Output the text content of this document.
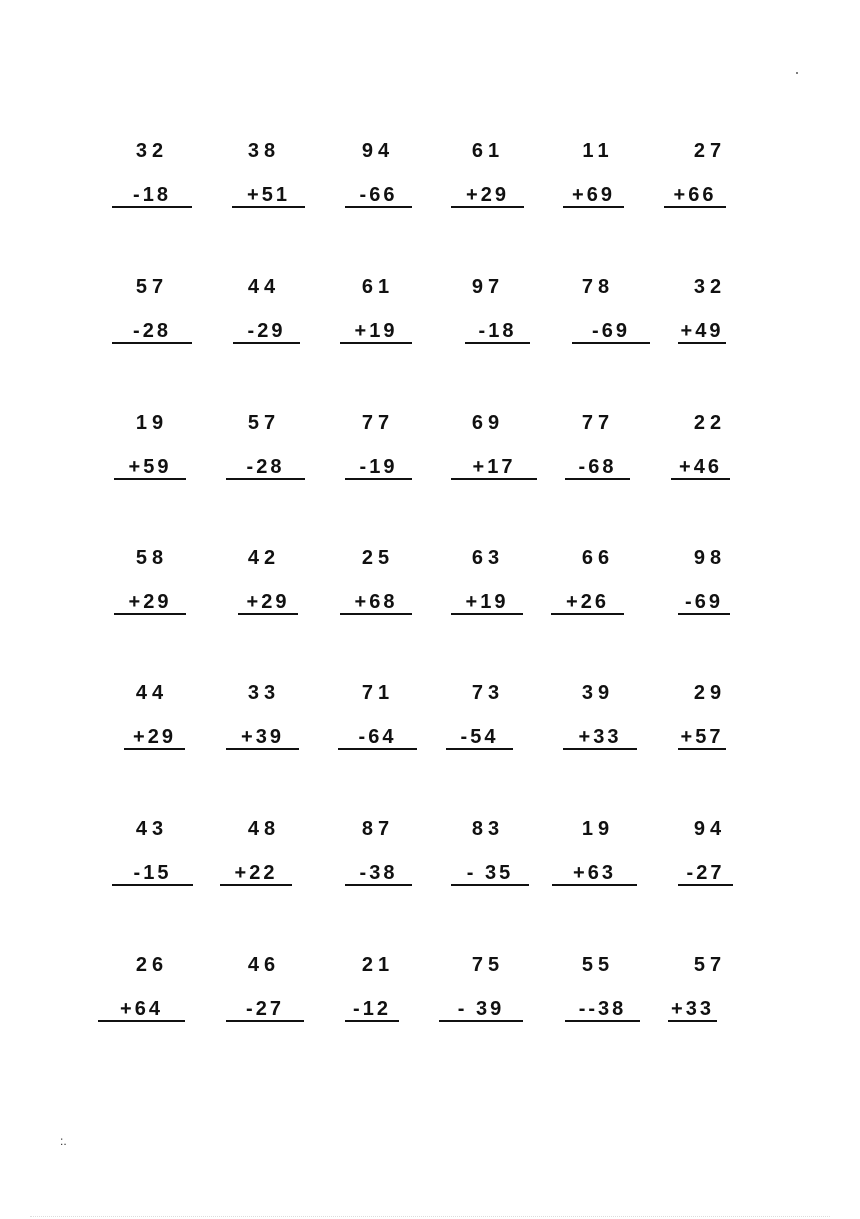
32
-18
38
+51
94
-66
61
+29
11
+69
27
+66
57
-28
44
-29
61
+19
97
-18
78
-69
32
+49
19
+59
57
-28
77
-19
69
+17
77
-68
22
+46
58
+29
42
+29
25
+68
63
+19
66
+26
98
-69
44
+29
33
+39
71
-64
73
-54
39
+33
29
+57
43
-15
48
+22
87
-38
83
- 35
19
+63
94
-27
26
+64
46
-27
21
-12
75
- 39
55
--38
57
+33
:.
